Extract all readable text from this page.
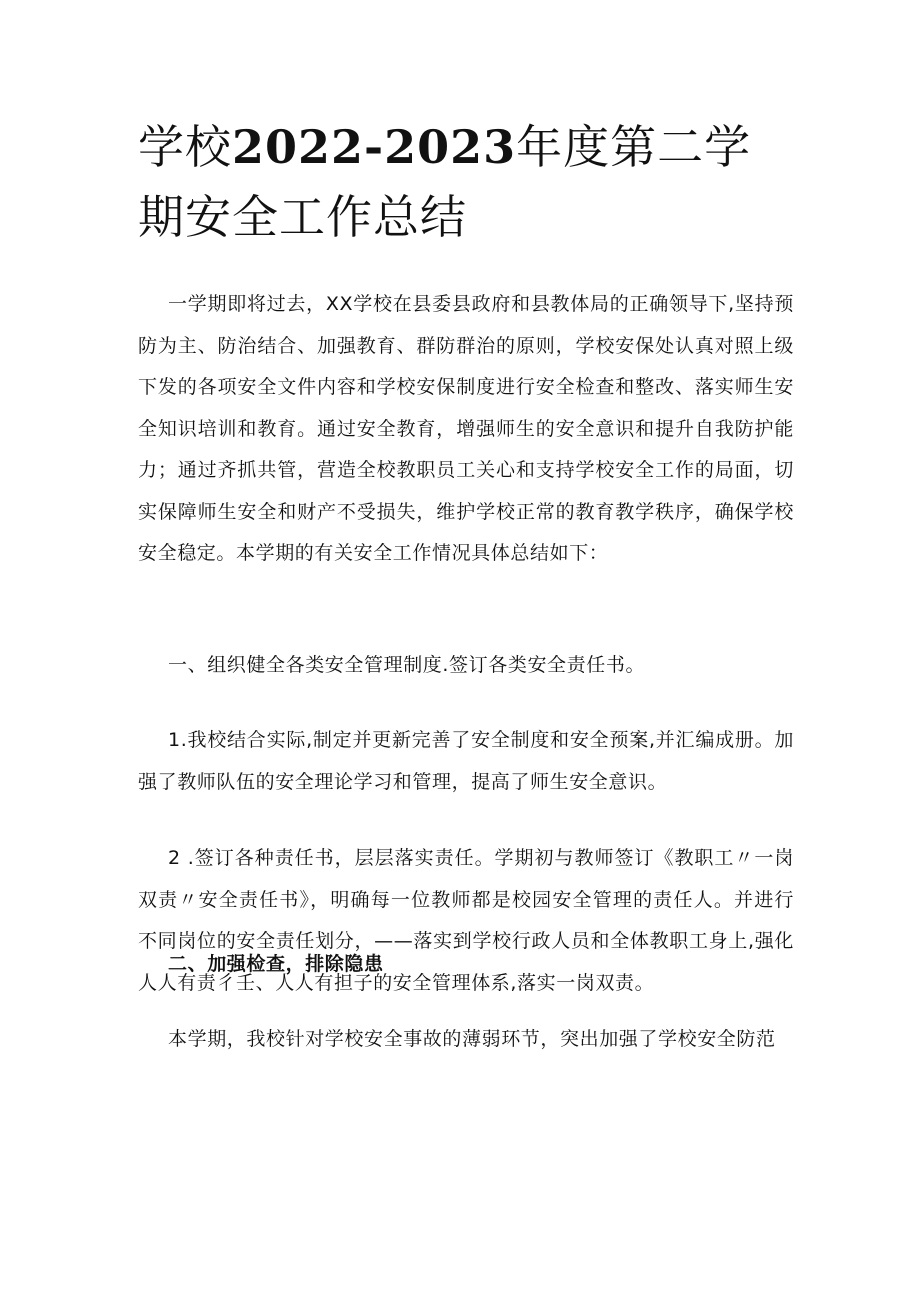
学校2022-2023年度第二学期安全工作总结

一学期即将过去，XX学校在县委县政府和县教体局的正确领导下,坚持预防为主、防治结合、加强教育、群防群治的原则，学校安保处认真对照上级下发的各项安全文件内容和学校安保制度进行安全检查和整改、落实师生安全知识培训和教育。通过安全教育，增强师生的安全意识和提升自我防护能力；通过齐抓共管，营造全校教职员工关心和支持学校安全工作的局面，切实保障师生安全和财产不受损失，维护学校正常的教育教学秩序，确保学校安全稳定。本学期的有关安全工作情况具体总结如下：

一、组织健全各类安全管理制度.签订各类安全责任书。

1.我校结合实际,制定并更新完善了安全制度和安全预案,并汇编成册。加强了教师队伍的安全理论学习和管理，提高了师生安全意识。

2 .签订各种责任书，层层落实责任。学期初与教师签订《教职工〃一岗双责〃安全责任书》，明确每一位教师都是校园安全管理的责任人。并进行不同岗位的安全责任划分，——落实到学校行政人员和全体教职工身上,强化人人有责彳壬、人人有担子的安全管理体系,落实一岗双责。

二、加强检查，排除隐患

本学期，我校针对学校安全事故的薄弱环节，突出加强了学校安全防范
